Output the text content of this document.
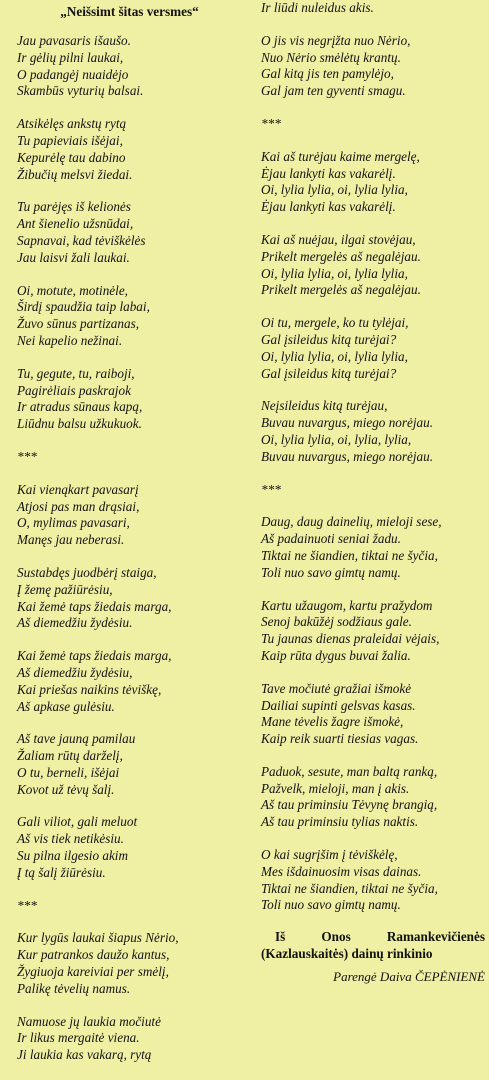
„Neišsimt šitas versmes“
Jau pavasaris išaušo.
Ir gėlių pilni laukai,
O padangėj nuaidėjo
Skambūs vyturių balsai.
Atsikėlęs ankstų rytą
Tu papieviais išėjai,
Kepurėlę tau dabino
Žibučių melsvi žiedai.
Tu parėjęs iš kelionės
Ant šienelio užsnūdai,
Sapnavai, kad tėviškėlės
Jau laisvi žali laukai.
Oi, motute, motinėle,
Širdį spaudžia taip labai,
Žuvo sūnus partizanas,
Nei kapelio nežinai.
Tu, gegute, tu, raiboji,
Pagirėliais paskrajok
Ir atradus sūnaus kapą,
Liūdnu balsu užkukuok.
***
Kai vienąkart pavasarį
Atjosi pas man drąsiai,
O, mylimas pavasari,
Manęs jau neberasi.
Sustabdęs juodbėrį staiga,
Į žemę pažiūrėsiu,
Kai žemė taps žiedais marga,
Aš diemedžiu žydėsiu.
Kai žemė taps žiedais marga,
Aš diemedžiu žydėsiu,
Kai priešas naikins tėviškę,
Aš apkase gulėsiu.
Aš tave jauną pamilau
Žaliam rūtų darželį,
O tu, berneli, išėjai
Kovot už tėvų šalį.
Gali viliot, gali meluot
Aš vis tiek netikėsiu.
Su pilna ilgesio akim
Į tą šalį žiūrėsiu.
***
Kur lygūs laukai šiapus Nėrio,
Kur patrankos daužo kantus,
Žygiuoja kareiviai per smėlį,
Palikę tėvelių namus.
Namuose jų laukia močiutė
Ir likus mergaitė viena.
Ji laukia kas vakarą, rytą
Ir liūdi nuleidus akis.
O jis vis negrįžta nuo Nėrio,
Nuo Nėrio smėlėtų krantų.
Gal kitą jis ten pamylėjo,
Gal jam ten gyventi smagu.
***
Kai aš turėjau kaime mergelę,
Ėjau lankyti kas vakarėlį.
Oi, lylia lylia, oi, lylia lylia,
Ėjau lankyti kas vakarėlį.
Kai aš nuėjau, ilgai stovėjau,
Prikelt mergelės aš negalėjau.
Oi, lylia lylia, oi, lylia lylia,
Prikelt mergelės aš negalėjau.
Oi tu, mergele, ko tu tylėjai,
Gal įsileidus kitą turėjai?
Oi, lylia lylia, oi, lylia lylia,
Gal įsileidus kitą turėjai?
Neįsileidus kitą turėjau,
Buvau nuvargus, miego norėjau.
Oi, lylia lylia, oi, lylia, lylia,
Buvau nuvargus, miego norėjau.
***
Daug, daug dainelių, mieloji sese,
Aš padainuoti seniai žadu.
Tiktai ne šiandien, tiktai ne šyčia,
Toli nuo savo gimtų namų.
Kartu užaugom, kartu pražydom
Senoj bakūžėj sodžiaus gale.
Tu jaunas dienas praleidai vėjais,
Kaip rūta dygus buvai žalia.
Tave močiutė gražiai išmokė
Dailiai supinti gelsvas kasas.
Mane tėvelis žagre išmokė,
Kaip reik suarti tiesias vagas.
Paduok, sesute, man baltą ranką,
Pažvelk, mieloji, man į akis.
Aš tau priminsiu Tėvynę brangią,
Aš tau priminsiu tylias naktis.
O kai sugrįšim į tėviškėlę,
Mes išdainuosim visas dainas.
Tiktai ne šiandien, tiktai ne šyčia,
Toli nuo savo gimtų namų.
Iš Onos Ramankevičienės (Kazlauskaitės) dainų rinkinio
Parengė Daiva ČEPĖNIENĖ
